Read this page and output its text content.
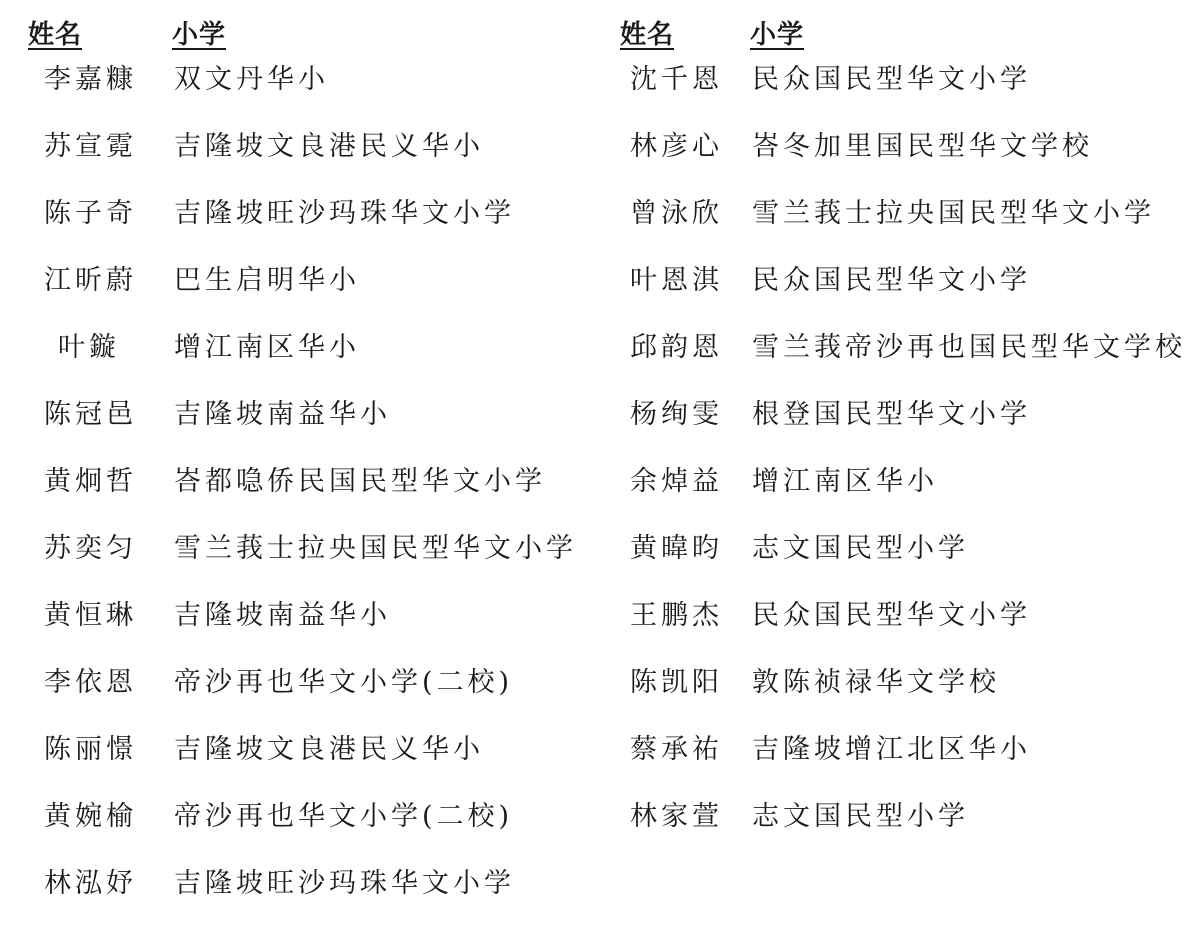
姓名	小学
李嘉糠	双文丹华小
苏宣霓	吉隆坡文良港民义华小
陈子奇	吉隆坡旺沙玛珠华文小学
江昕蔚	巴生启明华小
叶鏇	增江南区华小
陈冠邑	吉隆坡南益华小
黄炯哲	峇都喼侨民国民型华文小学
苏奕匀	雪兰莪士拉央国民型华文小学
黄恒琳	吉隆坡南益华小
李依恩	帝沙再也华文小学(二校)
陈丽憬	吉隆坡文良港民义华小
黄婉榆	帝沙再也华文小学(二校)
林泓妤	吉隆坡旺沙玛珠华文小学
姓名	小学
沈千恩	民众国民型华文小学
林彦心	峇冬加里国民型华文学校
曾泳欣	雪兰莪士拉央国民型华文小学
叶恩淇	民众国民型华文小学
邱韵恩	雪兰莪帝沙再也国民型华文学校
杨绚雯	根登国民型华文小学
余焯益	增江南区华小
黄暐昀	志文国民型小学
王鹏杰	民众国民型华文小学
陈凯阳	敦陈祯禄华文学校
蔡承祐	吉隆坡增江北区华小
林家萱	志文国民型小学
